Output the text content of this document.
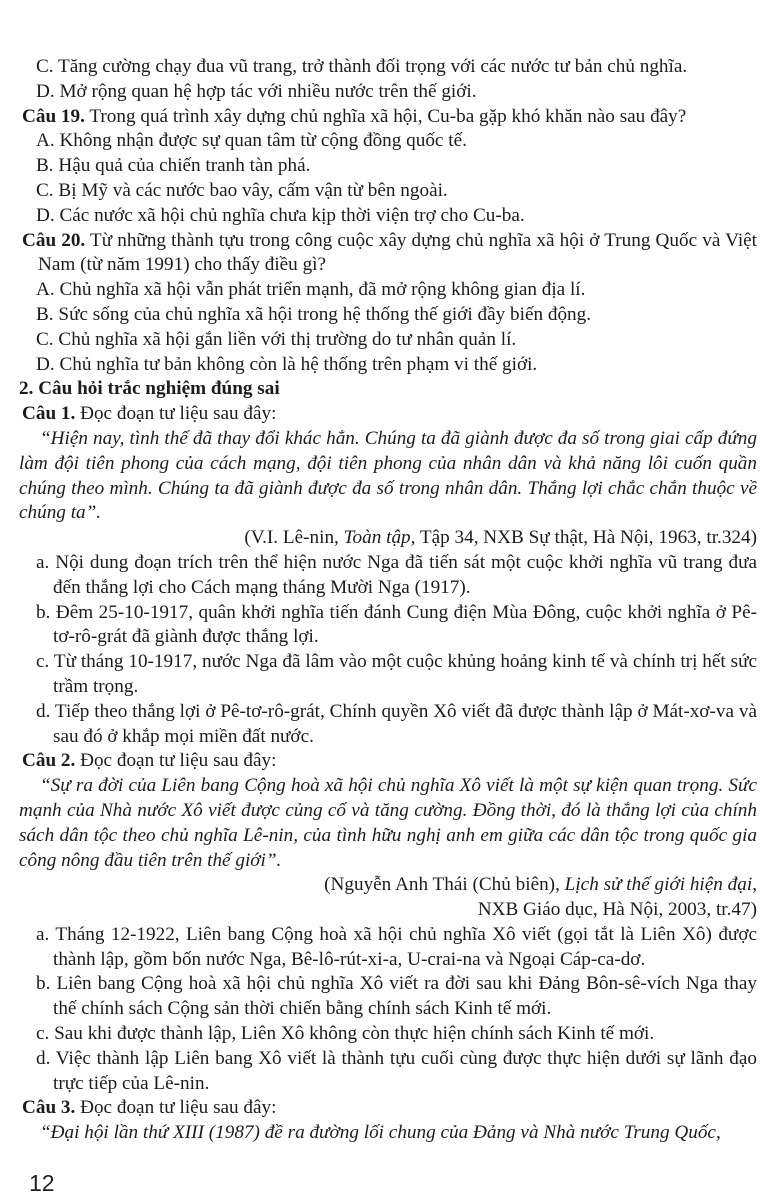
C. Tăng cường chạy đua vũ trang, trở thành đối trọng với các nước tư bản chủ nghĩa.

D. Mở rộng quan hệ hợp tác với nhiều nước trên thế giới.

Câu 19. Trong quá trình xây dựng chủ nghĩa xã hội, Cu-ba gặp khó khăn nào sau đây?

A. Không nhận được sự quan tâm từ cộng đồng quốc tế.

B. Hậu quả của chiến tranh tàn phá.

C. Bị Mỹ và các nước bao vây, cấm vận từ bên ngoài.

D. Các nước xã hội chủ nghĩa chưa kịp thời viện trợ cho Cu-ba.

Câu 20. Từ những thành tựu trong công cuộc xây dựng chủ nghĩa xã hội ở Trung Quốc và Việt Nam (từ năm 1991) cho thấy điều gì?

A. Chủ nghĩa xã hội vẫn phát triển mạnh, đã mở rộng không gian địa lí.

B. Sức sống của chủ nghĩa xã hội trong hệ thống thế giới đầy biến động.

C. Chủ nghĩa xã hội gắn liền với thị trường do tư nhân quản lí.

D. Chủ nghĩa tư bản không còn là hệ thống trên phạm vi thế giới.

2. Câu hỏi trắc nghiệm đúng sai

Câu 1. Đọc đoạn tư liệu sau đây:

“Hiện nay, tình thế đã thay đổi khác hẳn. Chúng ta đã giành được đa số trong giai cấp đứng làm đội tiên phong của cách mạng, đội tiên phong của nhân dân và khả năng lôi cuốn quần chúng theo mình. Chúng ta đã giành được đa số trong nhân dân. Thắng lợi chắc chắn thuộc về chúng ta”.

(V.I. Lê-nin, Toàn tập, Tập 34, NXB Sự thật, Hà Nội, 1963, tr.324)

a. Nội dung đoạn trích trên thể hiện nước Nga đã tiến sát một cuộc khởi nghĩa vũ trang đưa đến thắng lợi cho Cách mạng tháng Mười Nga (1917).

b. Đêm 25-10-1917, quân khởi nghĩa tiến đánh Cung điện Mùa Đông, cuộc khởi nghĩa ở Pê-tơ-rô-grát đã giành được thắng lợi.

c. Từ tháng 10-1917, nước Nga đã lâm vào một cuộc khủng hoảng kinh tế và chính trị hết sức trầm trọng.

d. Tiếp theo thắng lợi ở Pê-tơ-rô-grát, Chính quyền Xô viết đã được thành lập ở Mát-xơ-va và sau đó ở khắp mọi miền đất nước.

Câu 2. Đọc đoạn tư liệu sau đây:

“Sự ra đời của Liên bang Cộng hoà xã hội chủ nghĩa Xô viết là một sự kiện quan trọng. Sức mạnh của Nhà nước Xô viết được củng cố và tăng cường. Đồng thời, đó là thắng lợi của chính sách dân tộc theo chủ nghĩa Lê-nin, của tình hữu nghị anh em giữa các dân tộc trong quốc gia công nông đầu tiên trên thế giới”.

(Nguyễn Anh Thái (Chủ biên), Lịch sử thế giới hiện đại,

NXB Giáo dục, Hà Nội, 2003, tr.47)

a. Tháng 12-1922, Liên bang Cộng hoà xã hội chủ nghĩa Xô viết (gọi tắt là Liên Xô) được thành lập, gồm bốn nước Nga, Bê-lô-rút-xi-a, U-crai-na và Ngoại Cáp-ca-dơ.

b. Liên bang Cộng hoà xã hội chủ nghĩa Xô viết ra đời sau khi Đảng Bôn-sê-vích Nga thay thế chính sách Cộng sản thời chiến bằng chính sách Kinh tế mới.

c. Sau khi được thành lập, Liên Xô không còn thực hiện chính sách Kinh tế mới.

d. Việc thành lập Liên bang Xô viết là thành tựu cuối cùng được thực hiện dưới sự lãnh đạo trực tiếp của Lê-nin.

Câu 3. Đọc đoạn tư liệu sau đây:

“Đại hội lần thứ XIII (1987) đề ra đường lối chung của Đảng và Nhà nước Trung Quốc,

12
